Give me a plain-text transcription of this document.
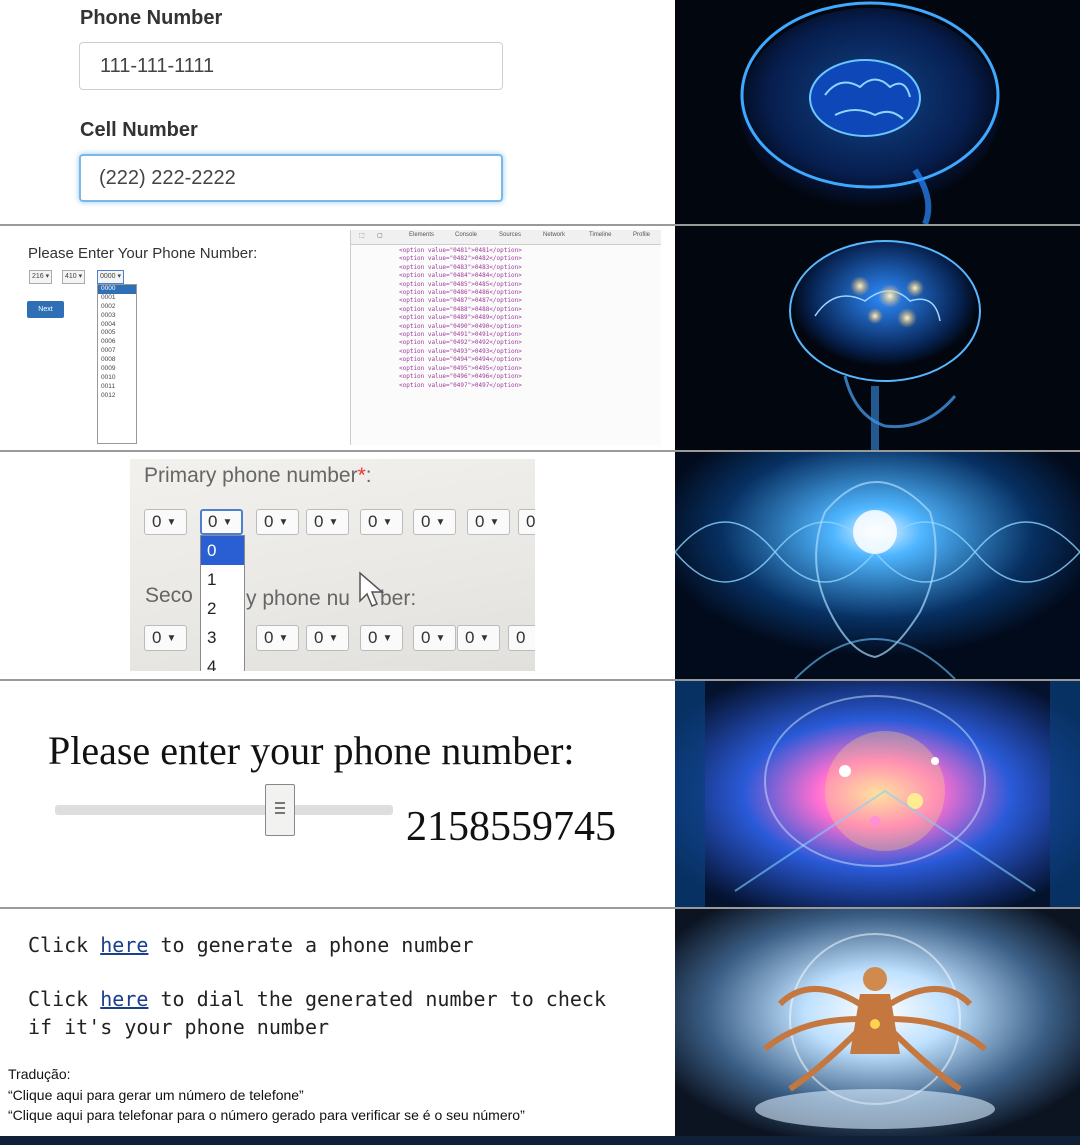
Phone Number
111-111-1111
Cell Number
(222) 222-2222
Please Enter Your Phone Number:
216 ▾	410 ▾	0000 ▾
Next
0000
0001
0002
0003
0004
0005
0006
0007
0008
0009
0010
0011
0012
⬚ ▢	Elements	Console	Sources	Network	Timeline	Profile
<option value="0481">0481</option>
<option value="0482">0482</option>
<option value="0483">0483</option>
<option value="0484">0484</option>
<option value="0485">0485</option>
<option value="0486">0486</option>
<option value="0487">0487</option>
<option value="0488">0488</option>
<option value="0489">0489</option>
<option value="0490">0490</option>
<option value="0491">0491</option>
<option value="0492">0492</option>
<option value="0493">0493</option>
<option value="0494">0494</option>
<option value="0495">0495</option>
<option value="0496">0496</option>
<option value="0497">0497</option>
Primary phone number*:
0 ▼	0 ▼	0 ▼	0 ▼	0 ▼	0 ▼	0 ▼	0
Seco	y phone nu ber:
0 ▼	0 ▼	0 ▼	0 ▼	0 ▼	0 ▼	0
0
1
2
3
4
Please enter your phone number:
2158559745
Click here to generate a phone number
Click here to dial the generated number to check
if it's your phone number
Tradução:
“Clique aqui para gerar um número de telefone”
“Clique aqui para telefonar para o número gerado para verificar se é o seu número”
